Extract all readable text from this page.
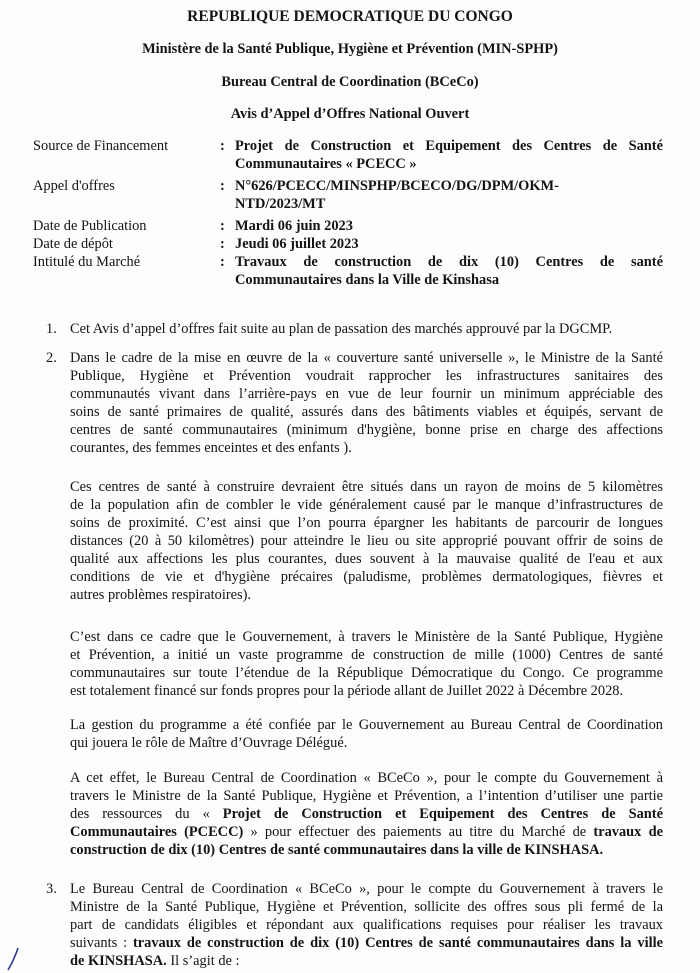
REPUBLIQUE DEMOCRATIQUE DU CONGO
Ministère de la Santé Publique, Hygiène et Prévention (MIN-SPHP)
Bureau Central de Coordination (BCeCo)
Avis d’Appel d’Offres National Ouvert
Source de Financement	: Projet de Construction et Equipement des Centres de Santé
Communautaires « PCECC »
Appel d'offres	: N°626/PCECC/MINSPHP/BCECO/DG/DPM/OKM-
NTD/2023/MT
Date de Publication	: Mardi 06 juin 2023
Date de dépôt	: Jeudi 06 juillet 2023
Intitulé du Marché	: Travaux de construction de dix (10) Centres de santé
Communautaires dans la Ville de Kinshasa
1. Cet Avis d’appel d’offres fait suite au plan de passation des marchés approuvé par la DGCMP.
2. Dans le cadre de la mise en œuvre de la « couverture santé universelle », le Ministre de la Santé
Publique, Hygiène et Prévention voudrait rapprocher les infrastructures sanitaires des
communautés vivant dans l’arrière-pays en vue de leur fournir un minimum appréciable des
soins de santé primaires de qualité, assurés dans des bâtiments viables et équipés, servant de
centres de santé communautaires (minimum d'hygiène, bonne prise en charge des affections
courantes, des femmes enceintes et des enfants ).
Ces centres de santé à construire devraient être situés dans un rayon de moins de 5 kilomètres
de la population afin de combler le vide généralement causé par le manque d’infrastructures de
soins de proximité. C’est ainsi que l’on pourra épargner les habitants de parcourir de longues
distances (20 à 50 kilomètres) pour atteindre le lieu ou site approprié pouvant offrir de soins de
qualité aux affections les plus courantes, dues souvent à la mauvaise qualité de l'eau et aux
conditions de vie et d'hygiène précaires (paludisme, problèmes dermatologiques, fièvres et
autres problèmes respiratoires).
C’est dans ce cadre que le Gouvernement, à travers le Ministère de la Santé Publique, Hygiène
et Prévention, a initié un vaste programme de construction de mille (1000) Centres de santé
communautaires sur toute l’étendue de la République Démocratique du Congo. Ce programme
est totalement financé sur fonds propres pour la période allant de Juillet 2022 à Décembre 2028.
La gestion du programme a été confiée par le Gouvernement au Bureau Central de Coordination
qui jouera le rôle de Maître d’Ouvrage Délégué.
A cet effet, le Bureau Central de Coordination « BCeCo », pour le compte du Gouvernement à
travers le Ministre de la Santé Publique, Hygiène et Prévention, a l’intention d’utiliser une partie
des ressources du « Projet de Construction et Equipement des Centres de Santé
Communautaires (PCECC) » pour effectuer des paiements au titre du Marché de travaux de
construction de dix (10) Centres de santé communautaires dans la ville de KINSHASA.
3. Le Bureau Central de Coordination « BCeCo », pour le compte du Gouvernement à travers le
Ministre de la Santé Publique, Hygiène et Prévention, sollicite des offres sous pli fermé de la
part de candidats éligibles et répondant aux qualifications requises pour réaliser les travaux
suivants : travaux de construction de dix (10) Centres de santé communautaires dans la ville
de KINSHASA. Il s’agit de :
